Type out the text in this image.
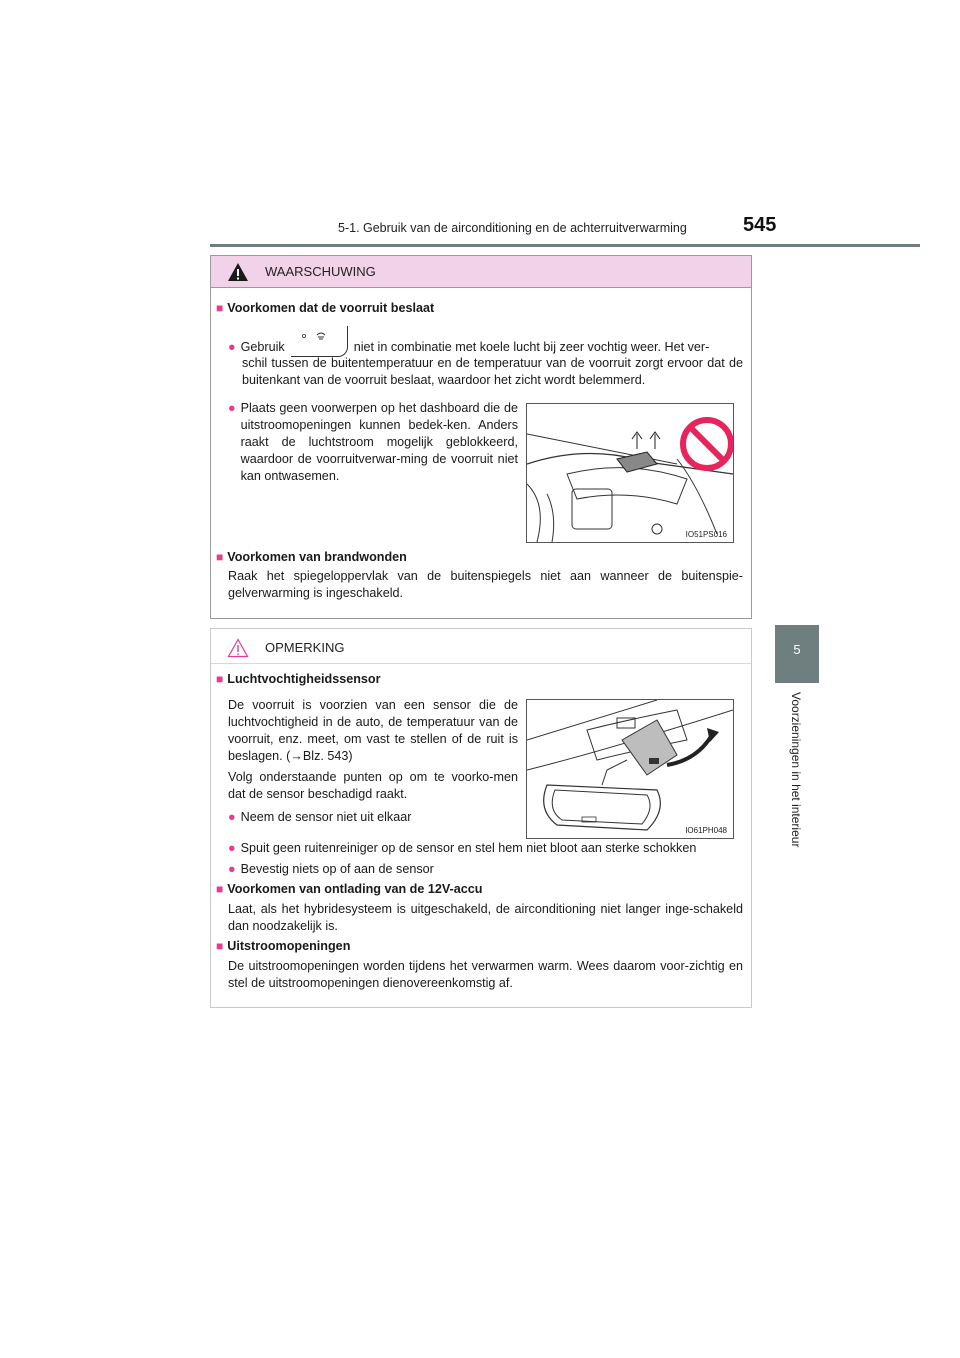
5-1. Gebruik van de airconditioning en de achterruitverwarming	545
5
Voorzieningen in het interieur
WAARSCHUWING
■ Voorkomen dat de voorruit beslaat
● Gebruik	niet in combinatie met koele lucht bij zeer vochtig weer. Het ver-
schil tussen de buitentemperatuur en de temperatuur van de voorruit zorgt ervoor dat de buitenkant van de voorruit beslaat, waardoor het zicht wordt belemmerd.
● Plaats geen voorwerpen op het dashboard die de uitstroomopeningen kunnen bedek-ken. Anders raakt de luchtstroom mogelijk geblokkeerd, waardoor de voorruitverwar-ming de voorruit niet kan ontwasemen.
IO51PS016
■ Voorkomen van brandwonden
Raak het spiegeloppervlak van de buitenspiegels niet aan wanneer de buitenspie-gelverwarming is ingeschakeld.
OPMERKING
■ Luchtvochtigheidssensor
De voorruit is voorzien van een sensor die de luchtvochtigheid in de auto, de temperatuur van de voorruit, enz. meet, om vast te stellen of de ruit is beslagen. (→Blz. 543)
Volg onderstaande punten op om te voorko-men dat de sensor beschadigd raakt.
● Neem de sensor niet uit elkaar
IO61PH048
● Spuit geen ruitenreiniger op de sensor en stel hem niet bloot aan sterke schokken
● Bevestig niets op of aan de sensor
■ Voorkomen van ontlading van de 12V-accu
Laat, als het hybridesysteem is uitgeschakeld, de airconditioning niet langer inge-schakeld dan noodzakelijk is.
■ Uitstroomopeningen
De uitstroomopeningen worden tijdens het verwarmen warm. Wees daarom voor-zichtig en stel de uitstroomopeningen dienovereenkomstig af.
